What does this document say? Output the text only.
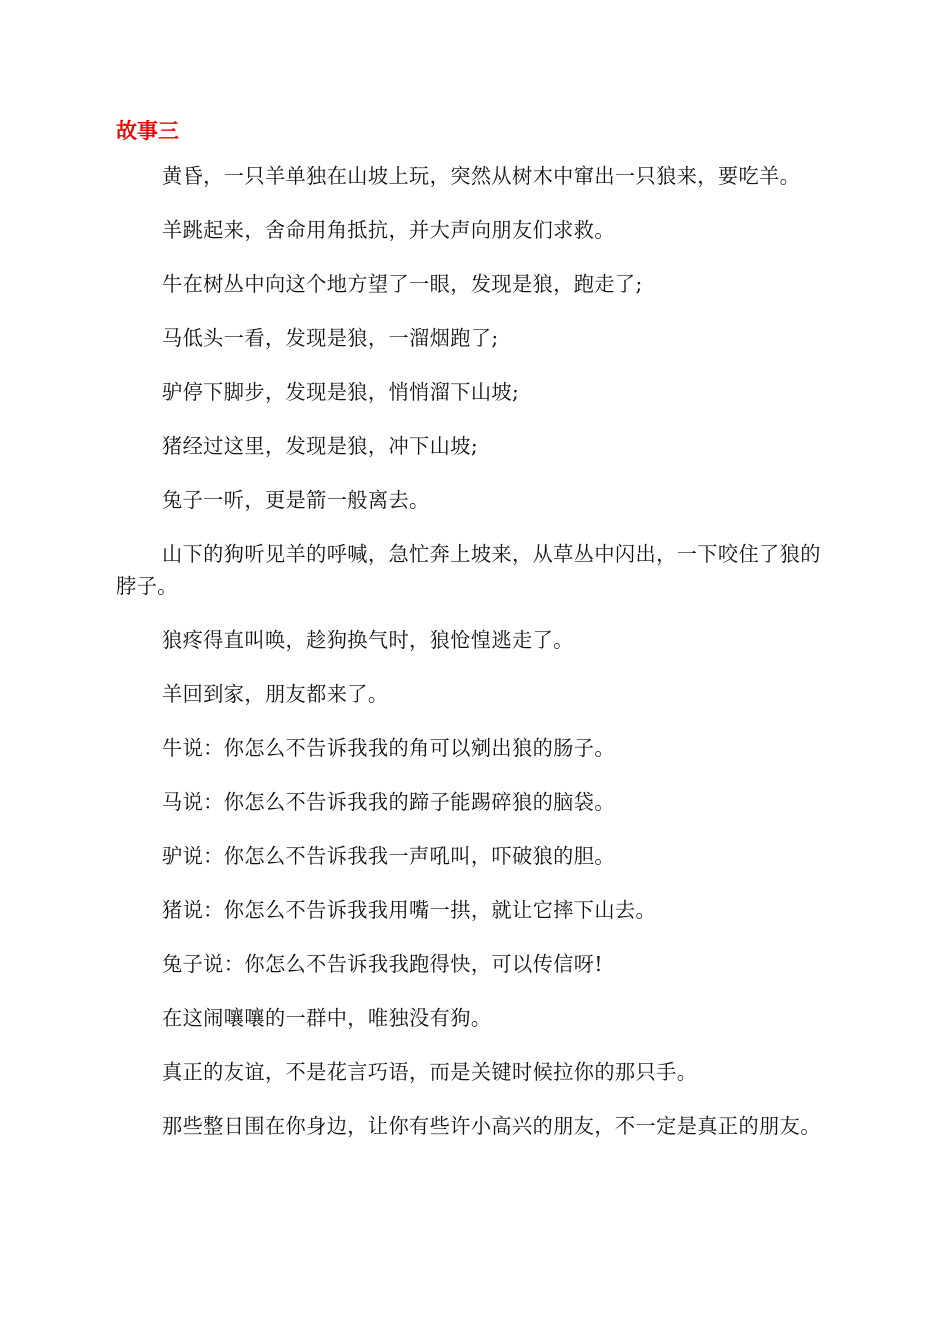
故事三

黄昏，一只羊单独在山坡上玩，突然从树木中窜出一只狼来，要吃羊。

羊跳起来，舍命用角抵抗，并大声向朋友们求救。

牛在树丛中向这个地方望了一眼，发现是狼，跑走了;

马低头一看，发现是狼，一溜烟跑了;

驴停下脚步，发现是狼，悄悄溜下山坡;

猪经过这里，发现是狼，冲下山坡;

兔子一听，更是箭一般离去。

山下的狗听见羊的呼喊，急忙奔上坡来，从草丛中闪出，一下咬住了狼的脖子。

狼疼得直叫唤，趁狗换气时，狼怆惶逃走了。

羊回到家，朋友都来了。

牛说：你怎么不告诉我我的角可以剜出狼的肠子。

马说：你怎么不告诉我我的蹄子能踢碎狼的脑袋。

驴说：你怎么不告诉我我一声吼叫，吓破狼的胆。

猪说：你怎么不告诉我我用嘴一拱，就让它摔下山去。

兔子说：你怎么不告诉我我跑得快，可以传信呀!

在这闹嚷嚷的一群中，唯独没有狗。

真正的友谊，不是花言巧语，而是关键时候拉你的那只手。

那些整日围在你身边，让你有些许小高兴的朋友，不一定是真正的朋友。
